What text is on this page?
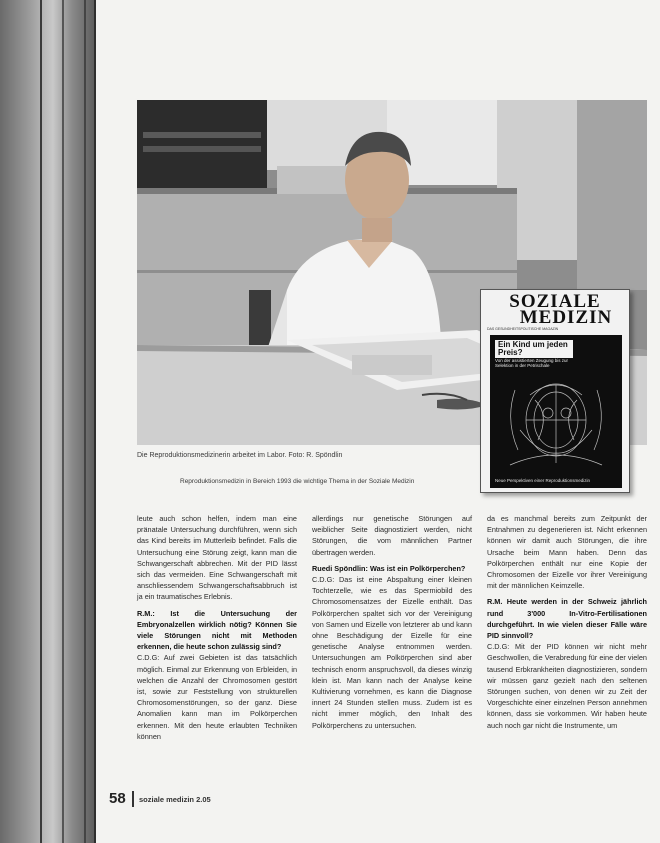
Die Reproduktionsmedizinerin arbeitet im Labor. Foto: R. Spöndlin
SOZIALE
MEDIZIN
DAS GESUNDHEITSPOLITISCHE MAGAZIN
Ein Kind um jeden Preis?
Von der assistierten Zeugung bis zur Selektion in der Petrischale
Neue Perspektiven einer Reproduktionsmedizin
Reproduktionsmedizin in Bereich 1993 die wichtige Thema in der Soziale Medizin

leute auch schon helfen, indem man eine pränatale Untersuchung durchführen, wenn sich das Kind bereits im Mutterleib befindet. Falls die Untersuchung eine Störung zeigt, kann man die Schwangerschaft abbrechen. Mit der PID lässt sich das vermeiden. Eine Schwangerschaft mit anschliessendem Schwangerschaftsabbruch ist ja ein traumatisches Erlebnis.

R.M.: Ist die Untersuchung der Embryonalzellen wirklich nötig? Können Sie viele Störungen nicht mit Methoden erkennen, die heute schon zulässig sind?

C.D.G: Auf zwei Gebieten ist das tatsächlich möglich. Einmal zur Erkennung von Erbleiden, in welchen die Anzahl der Chromosomen gestört ist, sowie zur Feststellung von strukturellen Chromosomenstörungen, so der ganz. Diese Anomalien kann man im Polkörperchen erkennen. Mit den heute erlaubten Techniken können

allerdings nur genetische Störungen auf weiblicher Seite diagnostiziert werden, nicht Störungen, die vom männlichen Partner übertragen werden.

Ruedi Spöndlin: Was ist ein Polkörperchen?

C.D.G: Das ist eine Abspaltung einer kleinen Tochterzelle, wie es das Spermiobild des Chromosomensatzes der Eizelle enthält. Das Polkörperchen spaltet sich vor der Vereinigung von Samen und Eizelle von letzterer ab und kann ohne Beschädigung der Eizelle für eine genetische Analyse entnommen werden. Untersuchungen am Polkörperchen sind aber technisch enorm anspruchsvoll, da dieses winzig klein ist. Man kann nach der Analyse keine Kultivierung vornehmen, es kann die Diagnose innert 24 Stunden stellen muss. Zudem ist es nicht immer möglich, den Inhalt des Polkörperchens zu untersuchen.

da es manchmal bereits zum Zeitpunkt der Entnahmen zu degenerieren ist. Nicht erkennen können wir damit auch Störungen, die ihre Ursache beim Mann haben. Denn das Polkörperchen enthält nur eine Kopie der Chromosomen der Eizelle vor ihrer Vereinigung mit der männlichen Keimzelle.

R.M. Heute werden in der Schweiz jährlich rund 3'000 In-Vitro-Fertilisationen durchgeführt. In wie vielen dieser Fälle wäre PID sinnvoll?

C.D.G: Mit der PID können wir nicht mehr Geschwollen, die Verabredung für eine der vielen tausend Erbkrankheiten diagnostizieren, sondern wir müssen ganz gezielt nach den seltenen Störungen suchen, von denen wir zu Zeit der Vorgeschichte einer einzelnen Person annehmen können, dass sie vorkommen. Wir haben heute auch noch gar nicht die Instrumente, um

58 soziale medizin 2.05
